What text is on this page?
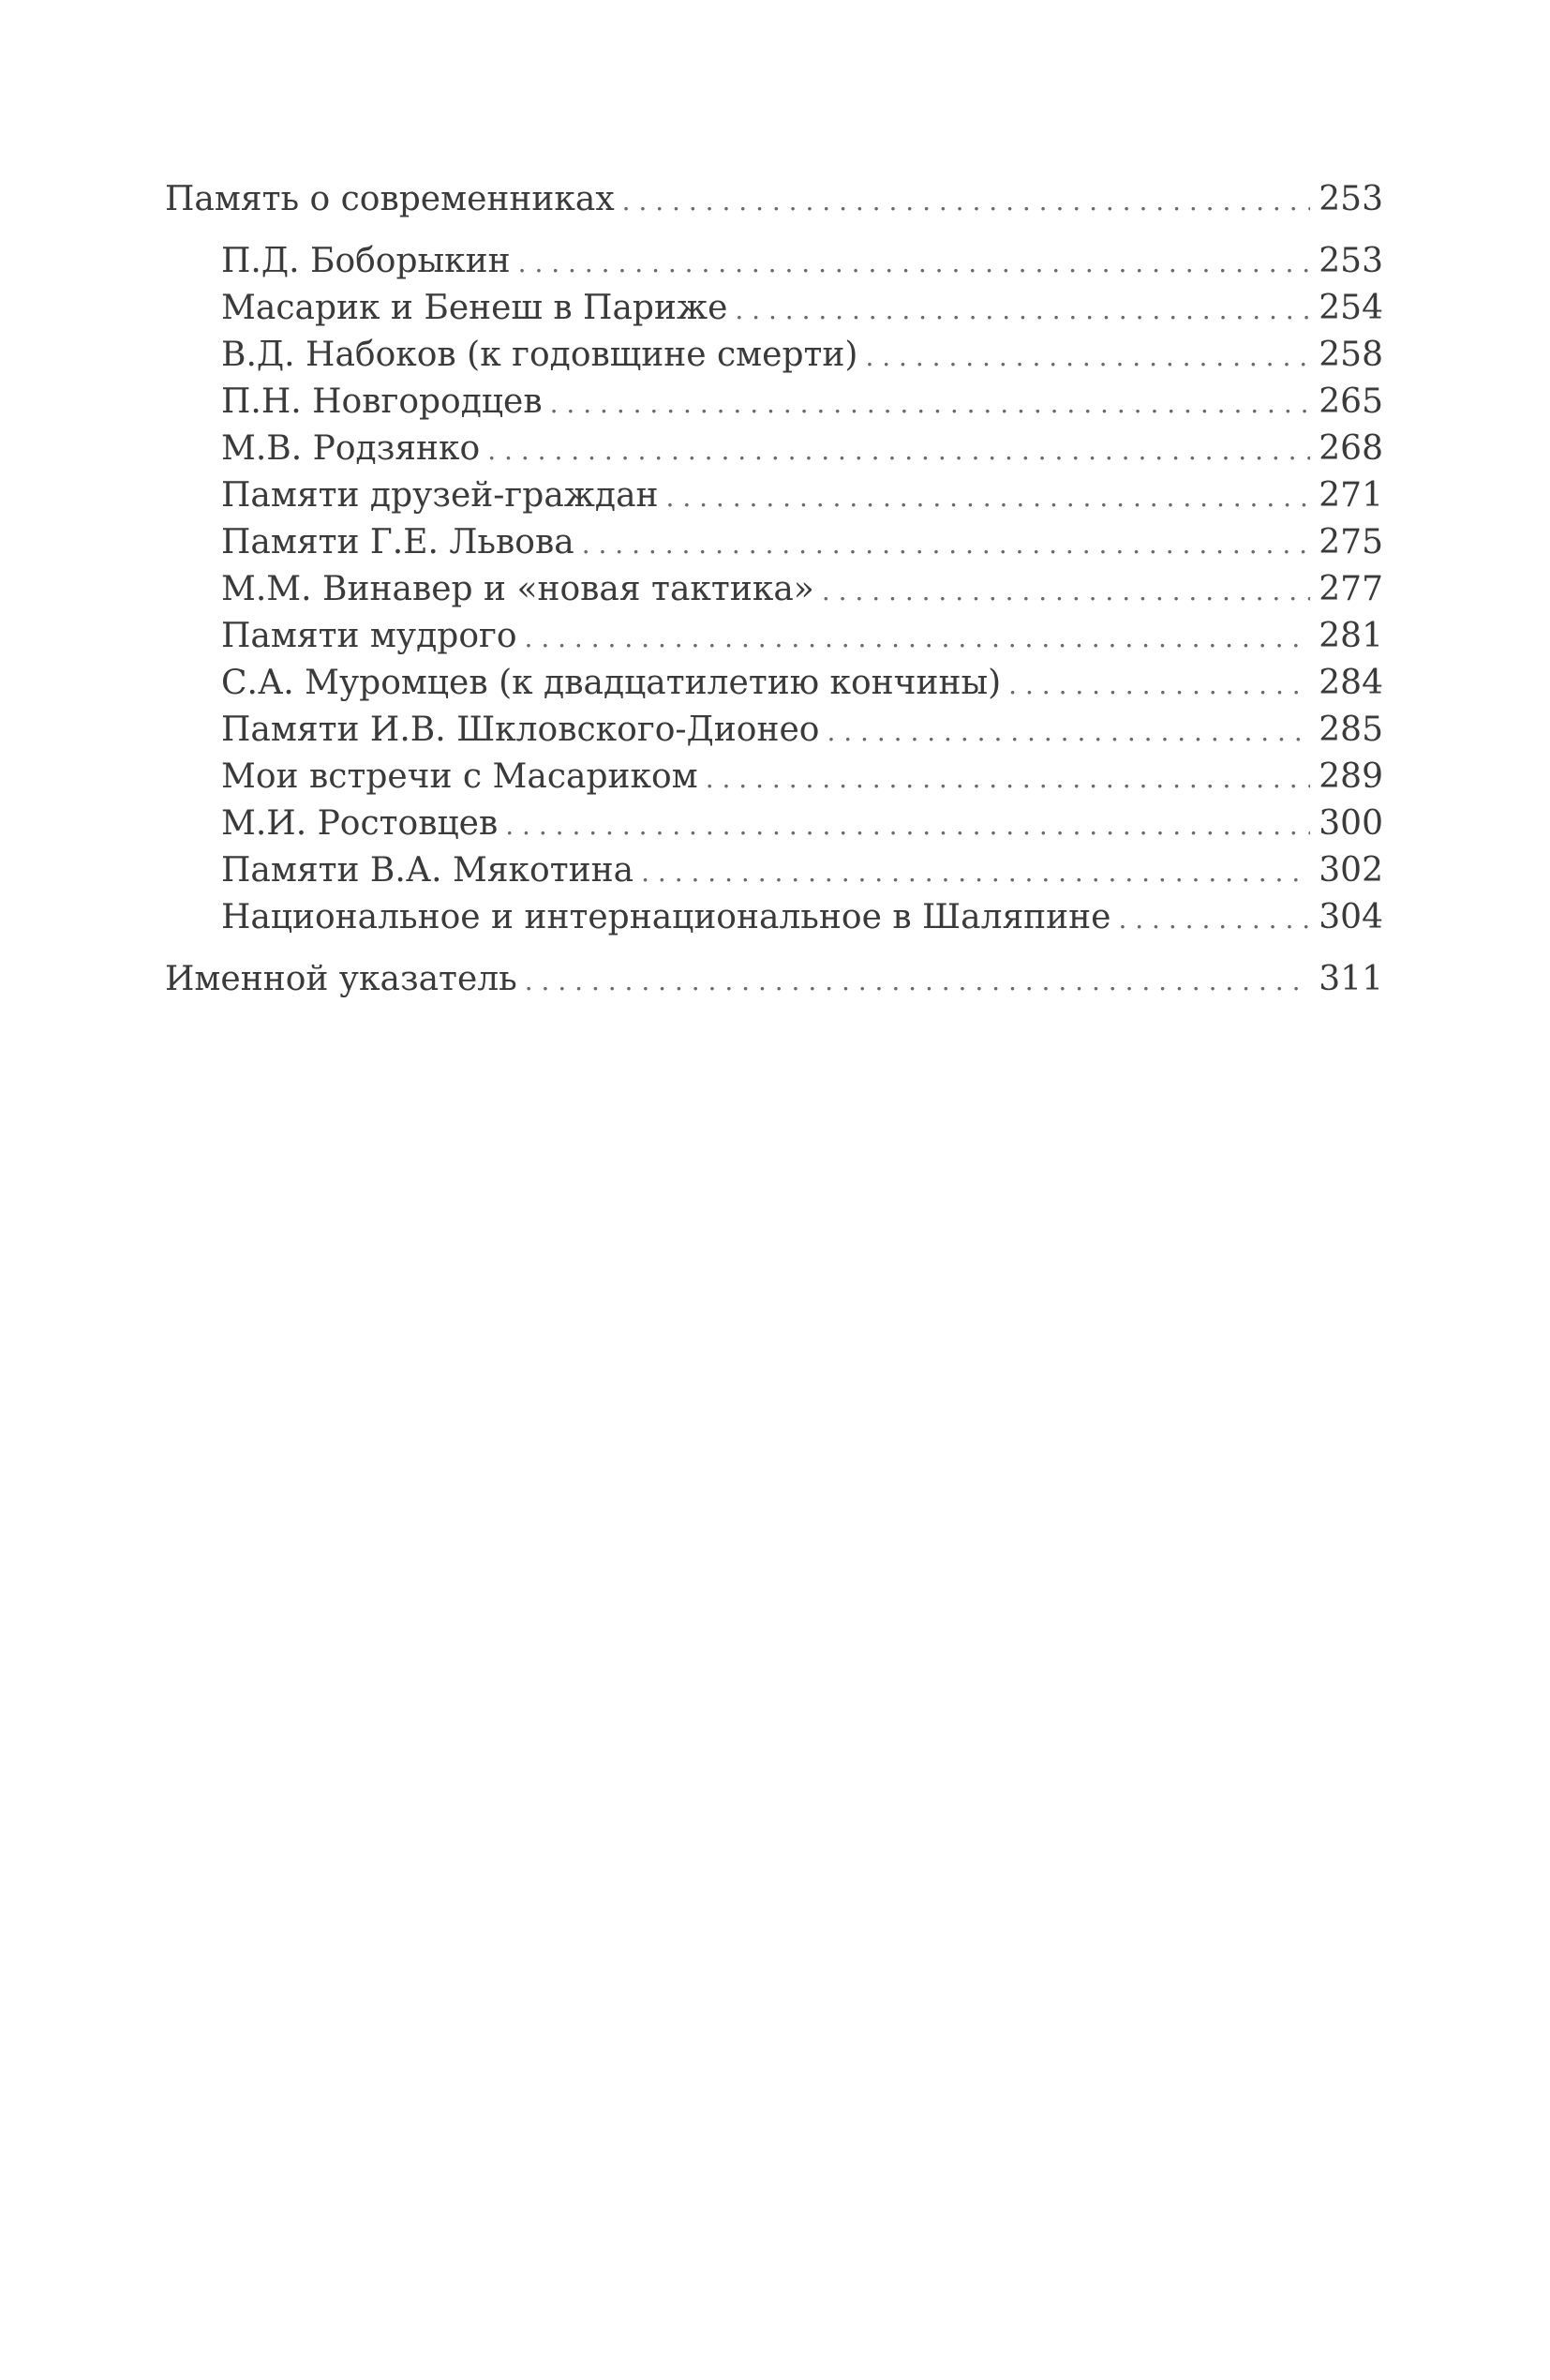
Память о современниках . . .	253
П.Д. Боборыкин . . .	253
Масарик и Бенеш в Париже . . .	254
В.Д. Набоков (к годовщине смерти) . . .	258
П.Н. Новгородцев . . .	265
М.В. Родзянко . . .	268
Памяти друзей-граждан . . .	271
Памяти Г.Е. Львова . . .	275
М.М. Винавер и «новая тактика» . . .	277
Памяти мудрого . . .	281
С.А. Муромцев (к двадцатилетию кончины) . . .	284
Памяти И.В. Шкловского-Дионео . . .	285
Мои встречи с Масариком . . .	289
М.И. Ростовцев . . .	300
Памяти В.А. Мякотина . . .	302
Национальное и интернациональное в Шаляпине . . .	304
Именной указатель . . .	311
